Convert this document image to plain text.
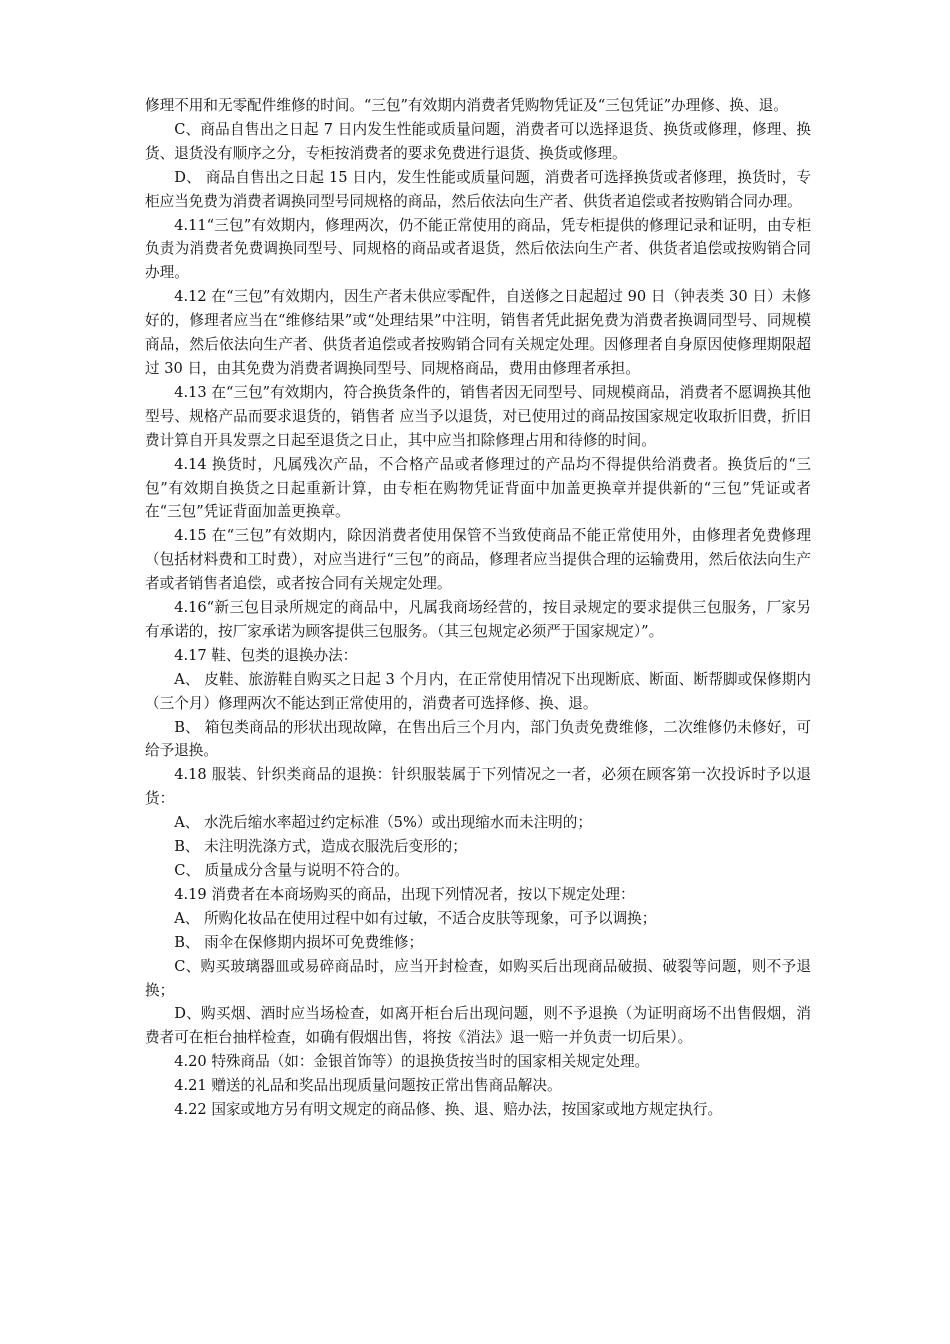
修理不用和无零配件维修的时间。“三包”有效期内消费者凭购物凭证及“三包凭证”办理修、换、退。

C、商品自售出之日起 7 日内发生性能或质量问题，消费者可以选择退货、换货或修理，修理、换货、退货没有顺序之分，专柜按消费者的要求免费进行退货、换货或修理。

D、 商品自售出之日起 15 日内，发生性能或质量问题，消费者可选择换货或者修理，换货时，专柜应当免费为消费者调换同型号同规格的商品，然后依法向生产者、供货者追偿或者按购销合同办理。

4.11“三包”有效期内，修理两次，仍不能正常使用的商品，凭专柜提供的修理记录和证明，由专柜负责为消费者免费调换同型号、同规格的商品或者退货，然后依法向生产者、供货者追偿或按购销合同办理。

4.12 在“三包”有效期内，因生产者未供应零配件，自送修之日起超过 90 日（钟表类 30 日）未修好的，修理者应当在“维修结果”或“处理结果”中注明，销售者凭此据免费为消费者换调同型号、同规模商品，然后依法向生产者、供货者追偿或者按购销合同有关规定处理。因修理者自身原因使修理期限超过 30 日，由其免费为消费者调换同型号、同规格商品，费用由修理者承担。

4.13 在“三包”有效期内，符合换货条件的，销售者因无同型号、同规模商品，消费者不愿调换其他型号、规格产品而要求退货的，销售者 应当予以退货，对已使用过的商品按国家规定收取折旧费，折旧费计算自开具发票之日起至退货之日止，其中应当扣除修理占用和待修的时间。

4.14 换货时，凡属残次产品，不合格产品或者修理过的产品均不得提供给消费者。换货后的“三包”有效期自换货之日起重新计算，由专柜在购物凭证背面中加盖更换章并提供新的“三包”凭证或者在“三包”凭证背面加盖更换章。

4.15 在“三包”有效期内，除因消费者使用保管不当致使商品不能正常使用外，由修理者免费修理（包括材料费和工时费），对应当进行“三包”的商品，修理者应当提供合理的运输费用，然后依法向生产者或者销售者追偿，或者按合同有关规定处理。

4.16“新三包目录所规定的商品中，凡属我商场经营的，按目录规定的要求提供三包服务，厂家另有承诺的，按厂家承诺为顾客提供三包服务。（其三包规定必须严于国家规定）”。

4.17 鞋、包类的退换办法：

A、 皮鞋、旅游鞋自购买之日起 3 个月内，在正常使用情况下出现断底、断面、断帮脚或保修期内（三个月）修理两次不能达到正常使用的，消费者可选择修、换、退。

B、 箱包类商品的形状出现故障，在售出后三个月内，部门负责免费维修，二次维修仍未修好，可给予退换。

4.18 服装、针织类商品的退换：针织服装属于下列情况之一者，必须在顾客第一次投诉时予以退货：

A、 水洗后缩水率超过约定标准（5%）或出现缩水而未注明的；

B、 未注明洗涤方式，造成衣服洗后变形的；

C、 质量成分含量与说明不符合的。

4.19 消费者在本商场购买的商品，出现下列情况者，按以下规定处理：

A、 所购化妆品在使用过程中如有过敏，不适合皮肤等现象，可予以调换；

B、 雨伞在保修期内损坏可免费维修；

C、购买玻璃器皿或易碎商品时，应当开封检查，如购买后出现商品破损、破裂等问题，则不予退换；

D、购买烟、酒时应当场检查，如离开柜台后出现问题，则不予退换（为证明商场不出售假烟，消费者可在柜台抽样检查，如确有假烟出售，将按《消法》退一赔一并负责一切后果）。

4.20 特殊商品（如：金银首饰等）的退换货按当时的国家相关规定处理。

4.21 赠送的礼品和奖品出现质量问题按正常出售商品解决。

4.22 国家或地方另有明文规定的商品修、换、退、赔办法，按国家或地方规定执行。
